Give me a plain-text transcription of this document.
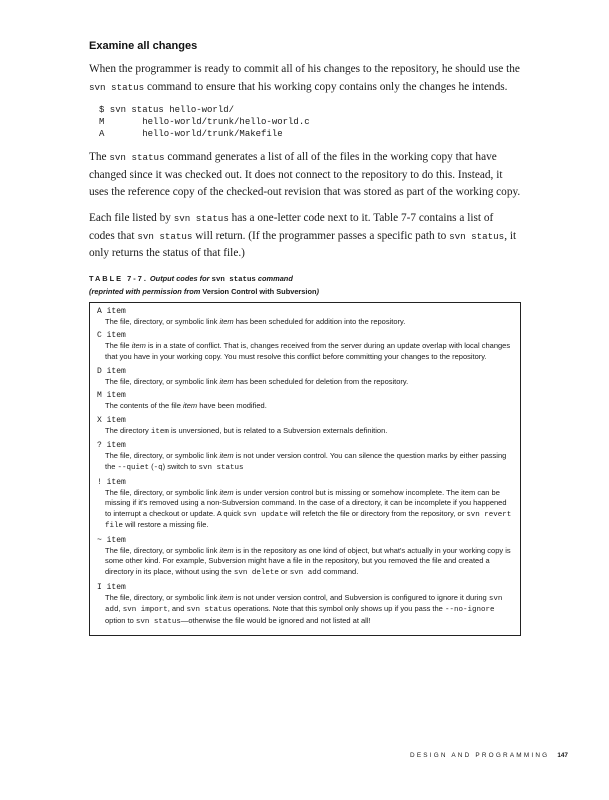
Examine all changes

When the programmer is ready to commit all of his changes to the repository, he should use the svn status command to ensure that his working copy contains only the changes he intends.

$ svn status hello-world/
M       hello-world/trunk/hello-world.c
A       hello-world/trunk/Makefile

The svn status command generates a list of all of the files in the working copy that have changed since it was checked out. It does not connect to the repository to do this. Instead, it uses the reference copy of the checked-out revision that was stored as part of the working copy.

Each file listed by svn status has a one-letter code next to it. Table 7-7 contains a list of codes that svn status will return. (If the programmer passes a specific path to svn status, it only returns the status of that file.)

TABLE 7-7. Output codes for svn status command
(reprinted with permission from Version Control with Subversion)
A item
The file, directory, or symbolic link item has been scheduled for addition into the repository.
C item
The file item is in a state of conflict. That is, changes received from the server during an update overlap with local changes that you have in your working copy. You must resolve this conflict before committing your changes to the repository.
D item
The file, directory, or symbolic link item has been scheduled for deletion from the repository.
M item
The contents of the file item have been modified.
X item
The directory item is unversioned, but is related to a Subversion externals definition.
? item
The file, directory, or symbolic link item is not under version control. You can silence the question marks by either passing the --quiet (-q) switch to svn status
! item
The file, directory, or symbolic link item is under version control but is missing or somehow incomplete. The item can be missing if it's removed using a non-Subversion command. In the case of a directory, it can be incomplete if you happened to interrupt a checkout or update. A quick svn update will refetch the file or directory from the repository, or svn revert file will restore a missing file.
~ item
The file, directory, or symbolic link item is in the repository as one kind of object, but what's actually in your working copy is some other kind. For example, Subversion might have a file in the repository, but you removed the file and created a directory in its place, without using the svn delete or svn add command.
I item
The file, directory, or symbolic link item is not under version control, and Subversion is configured to ignore it during svn add, svn import, and svn status operations. Note that this symbol only shows up if you pass the --no-ignore option to svn status—otherwise the file would be ignored and not listed at all!
DESIGN AND PROGRAMMING 147
